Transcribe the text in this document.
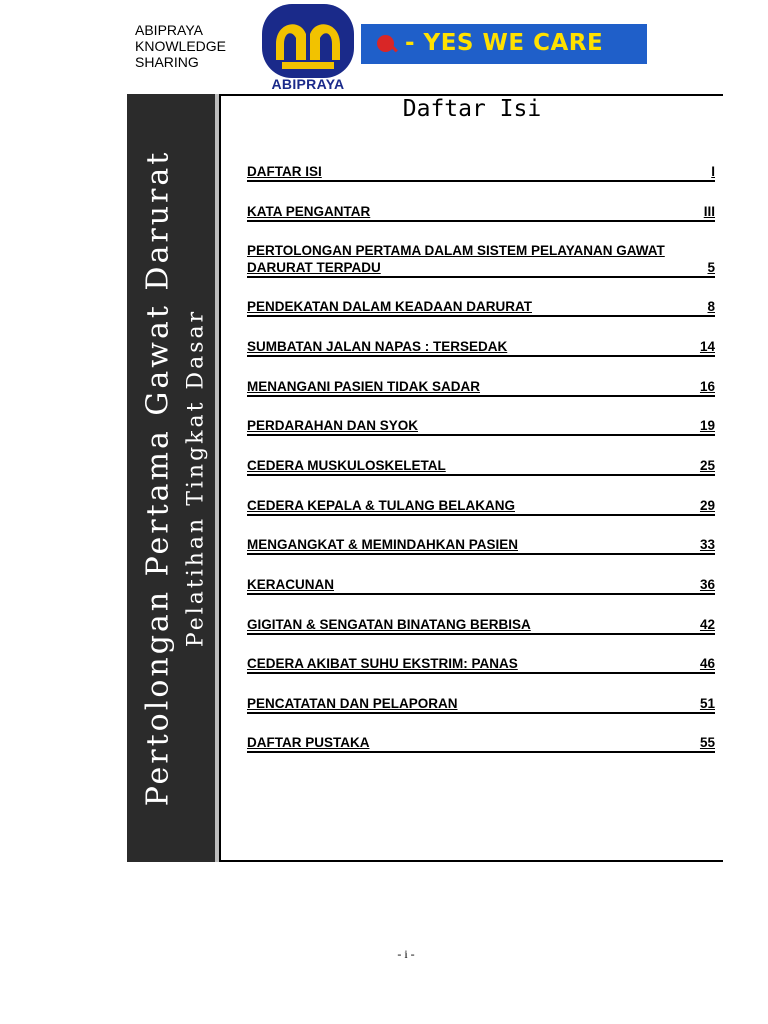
ABIPRAYA
KNOWLEDGE
SHARING
ABIPRAYA
- YES WE CARE
Pertolongan Pertama Gawat Darurat Pelatihan Tingkat Dasar
Daftar Isi
DAFTAR ISI	I
KATA PENGANTAR	III
PERTOLONGAN PERTAMA DALAM SISTEM PELAYANAN GAWAT DARURAT TERPADU	5
PENDEKATAN DALAM KEADAAN DARURAT	8
SUMBATAN JALAN NAPAS : TERSEDAK	14
MENANGANI PASIEN TIDAK SADAR	16
PERDARAHAN DAN SYOK	19
CEDERA MUSKULOSKELETAL	25
CEDERA KEPALA & TULANG BELAKANG	29
MENGANGKAT & MEMINDAHKAN PASIEN	33
KERACUNAN	36
GIGITAN & SENGATAN BINATANG BERBISA	42
CEDERA AKIBAT SUHU EKSTRIM: PANAS	46
PENCATATAN DAN PELAPORAN	51
DAFTAR PUSTAKA	55
- i -
